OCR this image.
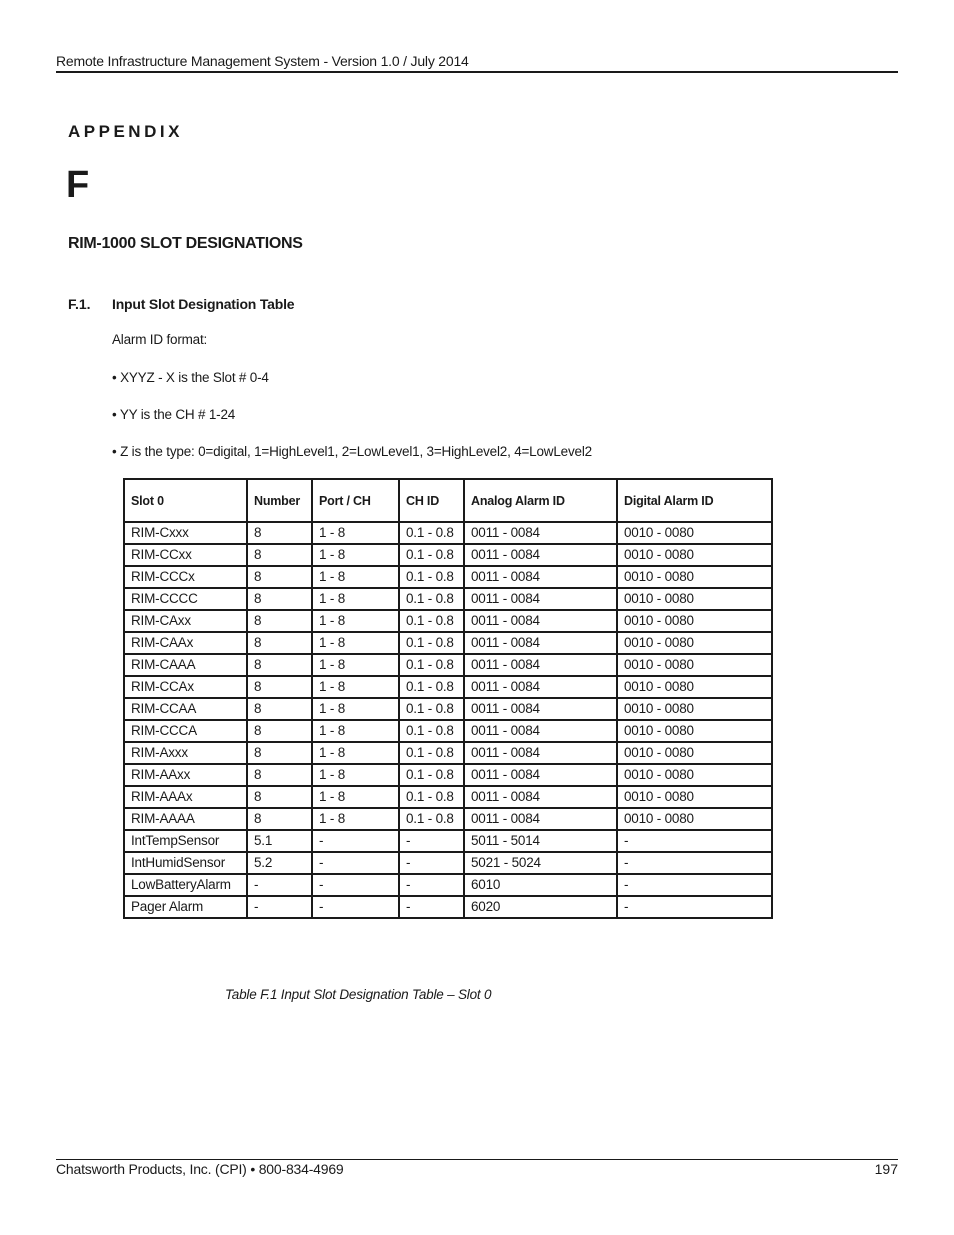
Remote Infrastructure Management System - Version 1.0 / July 2014
APPENDIX
F
RIM-1000 SLOT DESIGNATIONS
F.1. Input Slot Designation Table
Alarm ID format:
• XYYZ - X is the Slot # 0-4
• YY is the CH # 1-24
• Z is the type: 0=digital, 1=HighLevel1, 2=LowLevel1, 3=HighLevel2, 4=LowLevel2
Slot 0	Number	Port / CH	CH ID	Analog Alarm ID	Digital Alarm ID
RIM-Cxxx	8	1 - 8	0.1 - 0.8	0011 - 0084	0010 - 0080
RIM-CCxx	8	1 - 8	0.1 - 0.8	0011 - 0084	0010 - 0080
RIM-CCCx	8	1 - 8	0.1 - 0.8	0011 - 0084	0010 - 0080
RIM-CCCC	8	1 - 8	0.1 - 0.8	0011 - 0084	0010 - 0080
RIM-CAxx	8	1 - 8	0.1 - 0.8	0011 - 0084	0010 - 0080
RIM-CAAx	8	1 - 8	0.1 - 0.8	0011 - 0084	0010 - 0080
RIM-CAAA	8	1 - 8	0.1 - 0.8	0011 - 0084	0010 - 0080
RIM-CCAx	8	1 - 8	0.1 - 0.8	0011 - 0084	0010 - 0080
RIM-CCAA	8	1 - 8	0.1 - 0.8	0011 - 0084	0010 - 0080
RIM-CCCA	8	1 - 8	0.1 - 0.8	0011 - 0084	0010 - 0080
RIM-Axxx	8	1 - 8	0.1 - 0.8	0011 - 0084	0010 - 0080
RIM-AAxx	8	1 - 8	0.1 - 0.8	0011 - 0084	0010 - 0080
RIM-AAAx	8	1 - 8	0.1 - 0.8	0011 - 0084	0010 - 0080
RIM-AAAA	8	1 - 8	0.1 - 0.8	0011 - 0084	0010 - 0080
IntTempSensor	5.1	-	-	5011 - 5014	-
IntHumidSensor	5.2	-	-	5021 - 5024	-
LowBatteryAlarm	-	-	-	6010	-
Pager Alarm	-	-	-	6020	-
Table F.1 Input Slot Designation Table – Slot 0
Chatsworth Products, Inc. (CPI) • 800-834-4969	197
